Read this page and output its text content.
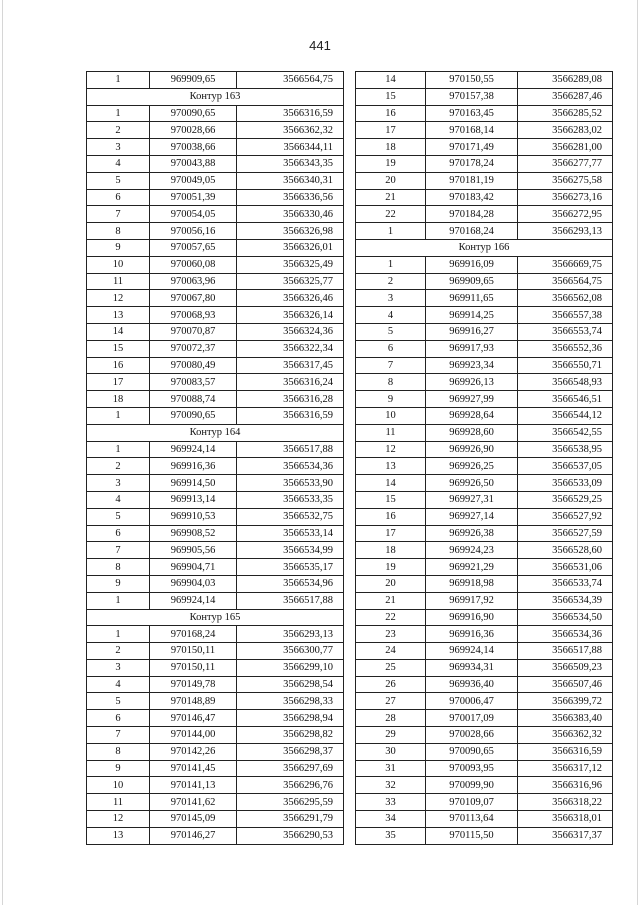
441
1	969909,65	3566564,75
Контур 163		
1	970090,65	3566316,59
2	970028,66	3566362,32
3	970038,66	3566344,11
4	970043,88	3566343,35
5	970049,05	3566340,31
6	970051,39	3566336,56
7	970054,05	3566330,46
8	970056,16	3566326,98
9	970057,65	3566326,01
10	970060,08	3566325,49
11	970063,96	3566325,77
12	970067,80	3566326,46
13	970068,93	3566326,14
14	970070,87	3566324,36
15	970072,37	3566322,34
16	970080,49	3566317,45
17	970083,57	3566316,24
18	970088,74	3566316,28
1	970090,65	3566316,59
Контур 164		
1	969924,14	3566517,88
2	969916,36	3566534,36
3	969914,50	3566533,90
4	969913,14	3566533,35
5	969910,53	3566532,75
6	969908,52	3566533,14
7	969905,56	3566534,99
8	969904,71	3566535,17
9	969904,03	3566534,96
1	969924,14	3566517,88
Контур 165		
1	970168,24	3566293,13
2	970150,11	3566300,77
3	970150,11	3566299,10
4	970149,78	3566298,54
5	970148,89	3566298,33
6	970146,47	3566298,94
7	970144,00	3566298,82
8	970142,26	3566298,37
9	970141,45	3566297,69
10	970141,13	3566296,76
11	970141,62	3566295,59
12	970145,09	3566291,79
13	970146,27	3566290,53
14	970150,55	3566289,08
15	970157,38	3566287,46
16	970163,45	3566285,52
17	970168,14	3566283,02
18	970171,49	3566281,00
19	970178,24	3566277,77
20	970181,19	3566275,58
21	970183,42	3566273,16
22	970184,28	3566272,95
1	970168,24	3566293,13
Контур 166		
1	969916,09	3566669,75
2	969909,65	3566564,75
3	969911,65	3566562,08
4	969914,25	3566557,38
5	969916,27	3566553,74
6	969917,93	3566552,36
7	969923,34	3566550,71
8	969926,13	3566548,93
9	969927,99	3566546,51
10	969928,64	3566544,12
11	969928,60	3566542,55
12	969926,90	3566538,95
13	969926,25	3566537,05
14	969926,50	3566533,09
15	969927,31	3566529,25
16	969927,14	3566527,92
17	969926,38	3566527,59
18	969924,23	3566528,60
19	969921,29	3566531,06
20	969918,98	3566533,74
21	969917,92	3566534,39
22	969916,90	3566534,50
23	969916,36	3566534,36
24	969924,14	3566517,88
25	969934,31	3566509,23
26	969936,40	3566507,46
27	970006,47	3566399,72
28	970017,09	3566383,40
29	970028,66	3566362,32
30	970090,65	3566316,59
31	970093,95	3566317,12
32	970099,90	3566316,96
33	970109,07	3566318,22
34	970113,64	3566318,01
35	970115,50	3566317,37
